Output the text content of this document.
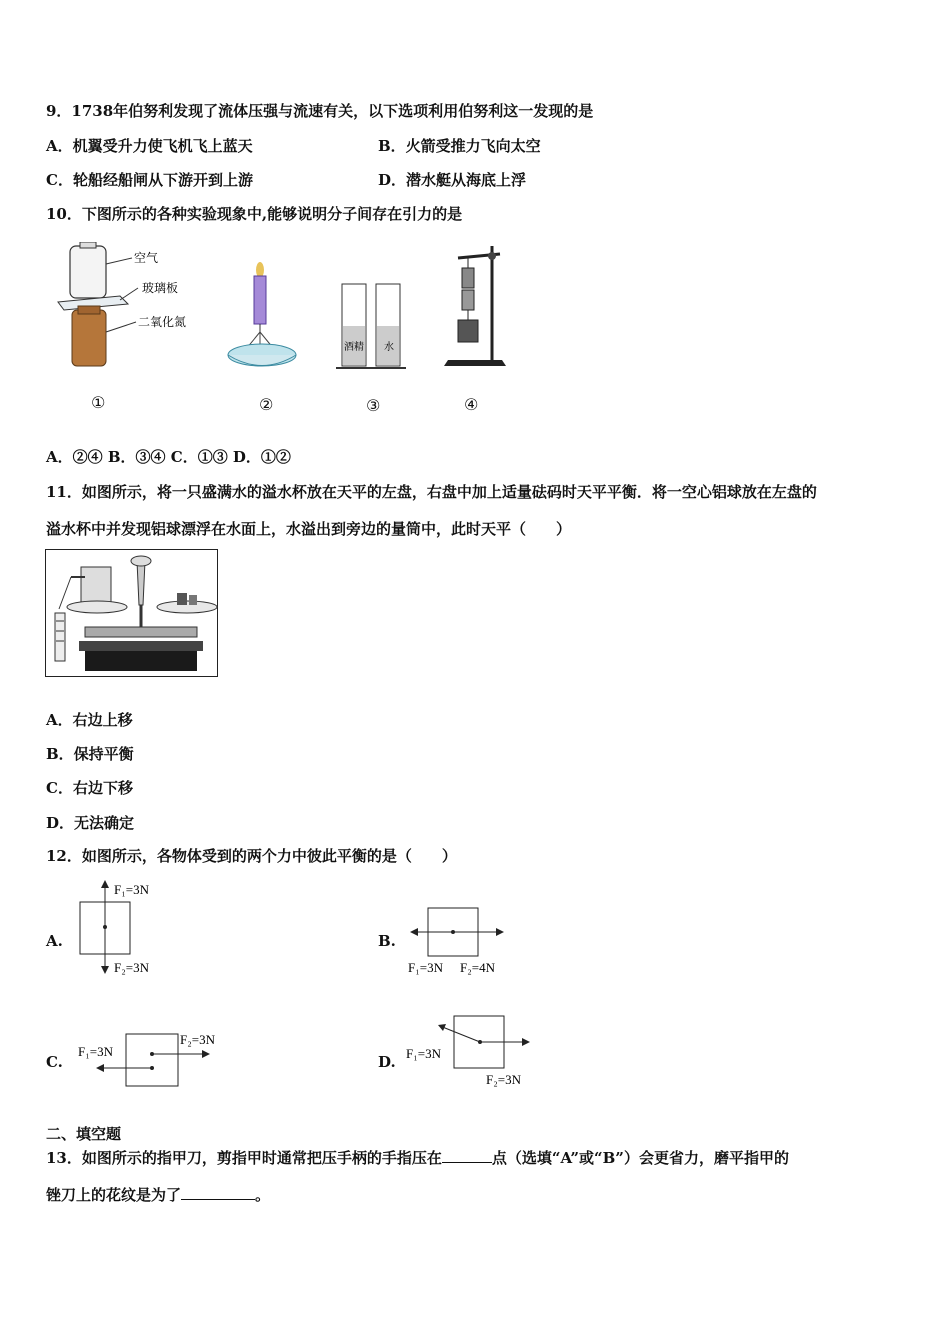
9．1738年伯努利发现了流体压强与流速有关，以下选项利用伯努利这一发现的是
A．机翼受升力使飞机飞上蓝天	B．火箭受推力飞向太空
C．轮船经船闸从下游开到上游	D．潜水艇从海底上浮
10．下图所示的各种实验现象中,能够说明分子间存在引力的是
空气
玻璃板
二氧化氮
①	②
酒精 水
③	④
A．②④ B．③④ C．①③ D．①②
11．如图所示，将一只盛满水的溢水杯放在天平的左盘，右盘中加上适量砝码时天平平衡．将一空心铝球放在左盘的
溢水杯中并发现铝球漂浮在水面上，水溢出到旁边的量筒中，此时天平（　　）
A．右边上移
B．保持平衡
C．右边下移
D．无法确定
12．如图所示，各物体受到的两个力中彼此平衡的是（　　）
A.
F₁=3N
F₂=3N
B.
F₁=3N F₂=4N
C.
F₁=3N
F₂=3N
D. F₁=3N
F₂=3N
二、填空题
13．如图所示的指甲刀，剪指甲时通常把压手柄的手指压在	点（选填“A”或“B”）会更省力，磨平指甲的
锉刀上的花纹是为了	。
